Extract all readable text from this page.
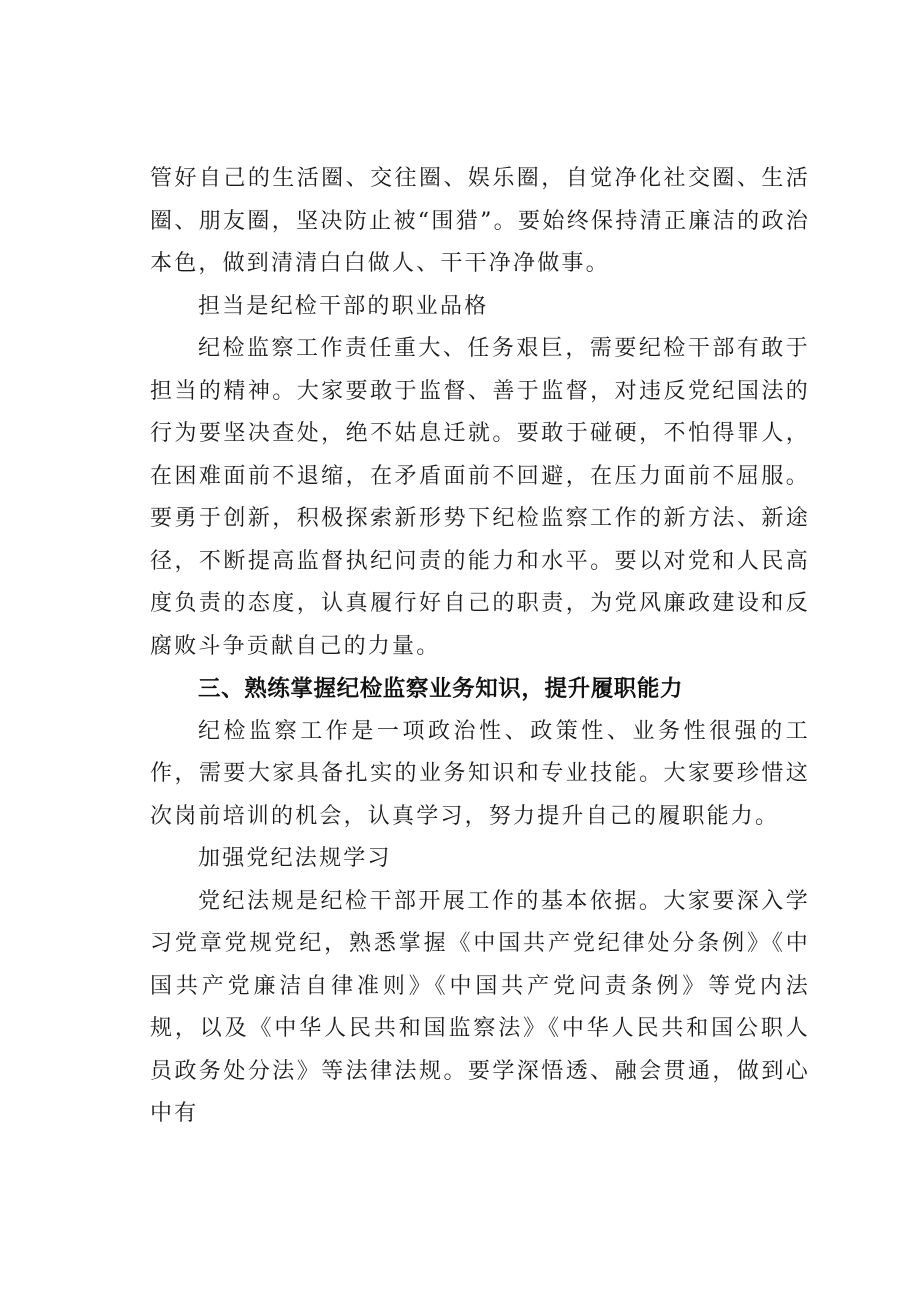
管好自己的生活圈、交往圈、娱乐圈，自觉净化社交圈、生活圈、朋友圈，坚决防止被“围猎”。要始终保持清正廉洁的政治本色，做到清清白白做人、干干净净做事。

担当是纪检干部的职业品格

纪检监察工作责任重大、任务艰巨，需要纪检干部有敢于担当的精神。大家要敢于监督、善于监督，对违反党纪国法的行为要坚决查处，绝不姑息迁就。要敢于碰硬，不怕得罪人，在困难面前不退缩，在矛盾面前不回避，在压力面前不屈服。要勇于创新，积极探索新形势下纪检监察工作的新方法、新途径，不断提高监督执纪问责的能力和水平。要以对党和人民高度负责的态度，认真履行好自己的职责，为党风廉政建设和反腐败斗争贡献自己的力量。

三、熟练掌握纪检监察业务知识，提升履职能力

纪检监察工作是一项政治性、政策性、业务性很强的工作，需要大家具备扎实的业务知识和专业技能。大家要珍惜这次岗前培训的机会，认真学习，努力提升自己的履职能力。

加强党纪法规学习

党纪法规是纪检干部开展工作的基本依据。大家要深入学习党章党规党纪，熟悉掌握《中国共产党纪律处分条例》《中国共产党廉洁自律准则》《中国共产党问责条例》等党内法规，以及《中华人民共和国监察法》《中华人民共和国公职人员政务处分法》等法律法规。要学深悟透、融会贯通，做到心中有
